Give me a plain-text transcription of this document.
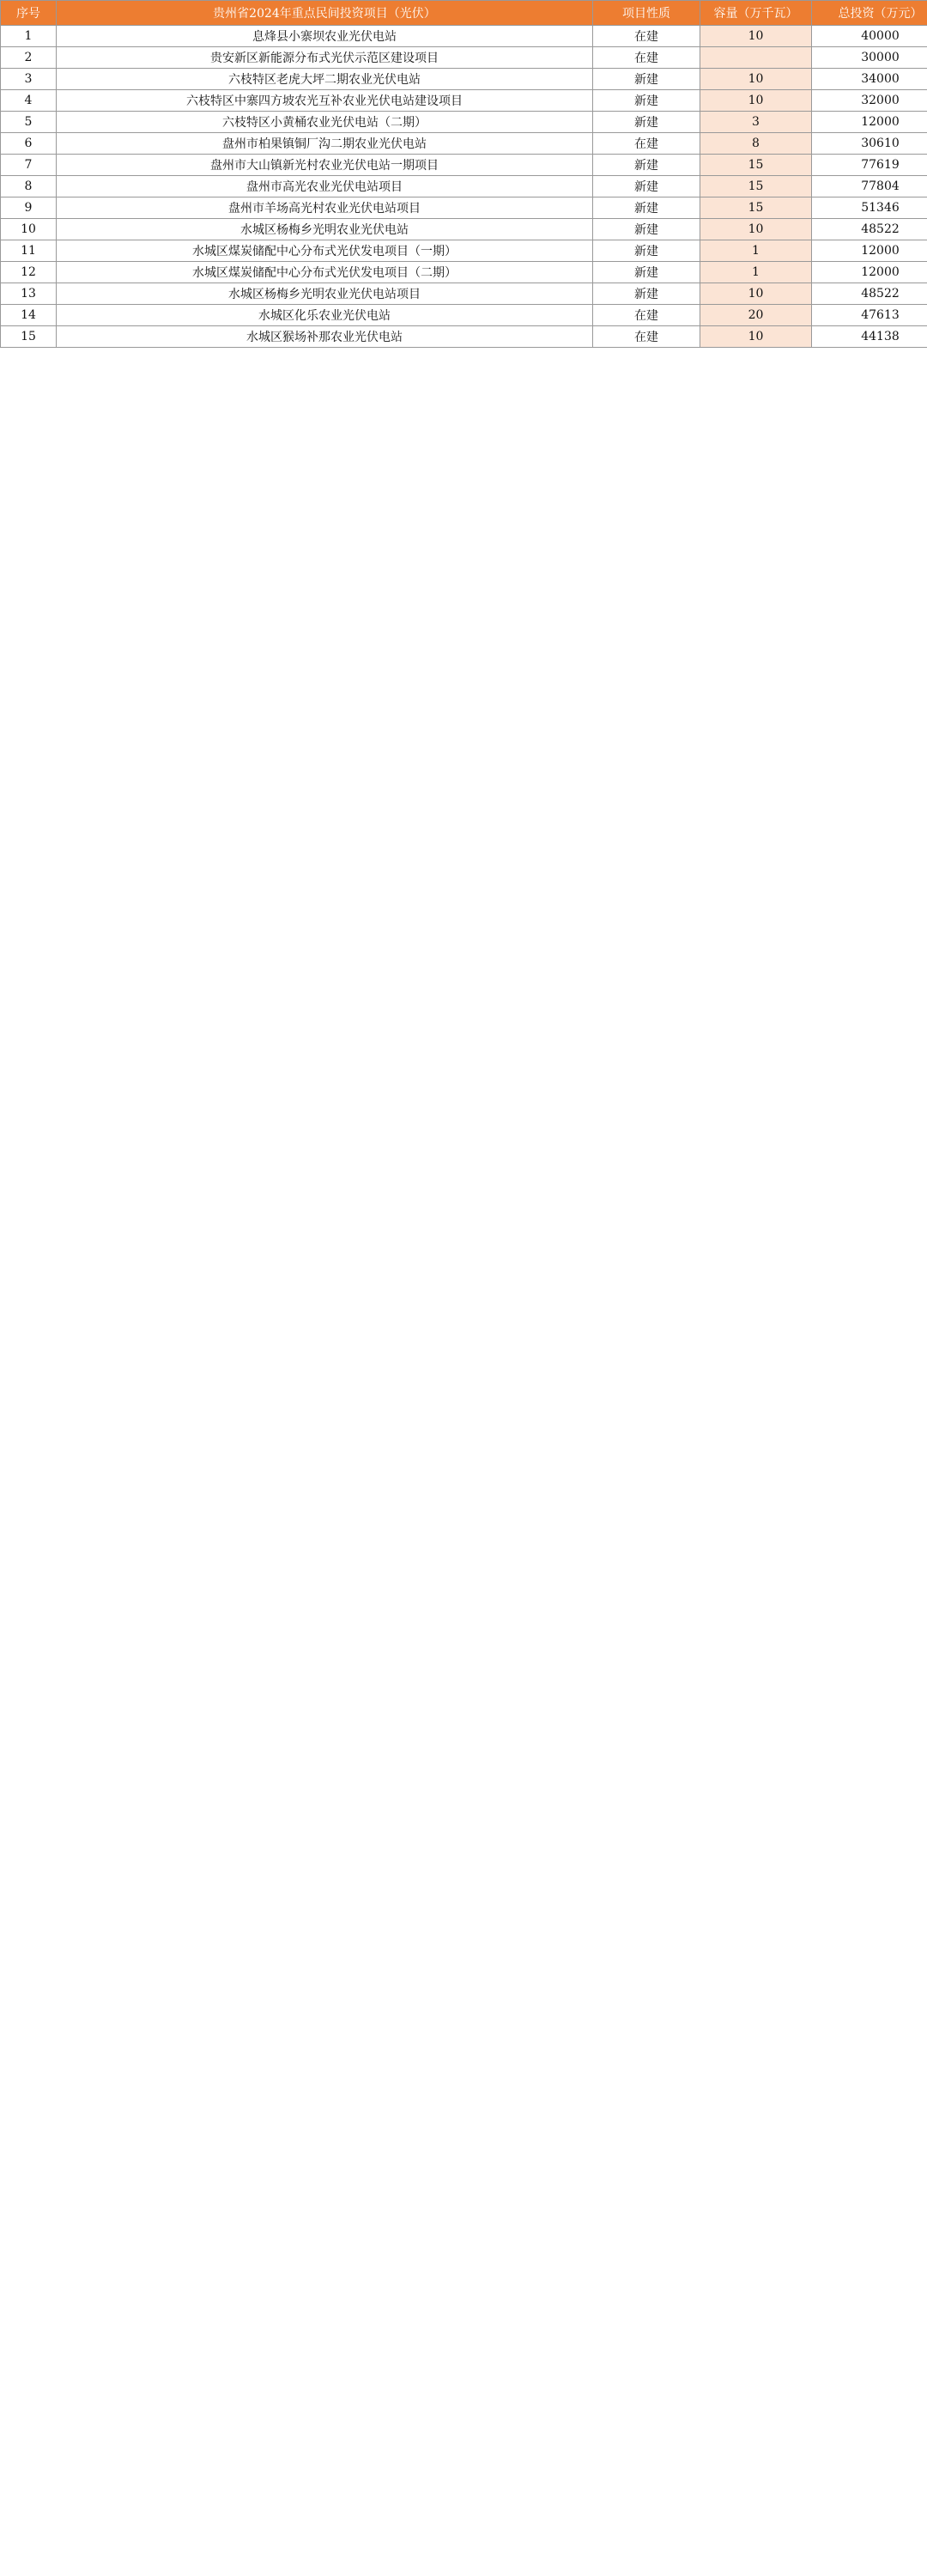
序号	贵州省2024年重点民间投资项目（光伏）	项目性质	容量（万千瓦）	总投资（万元）
1	息烽县小寨坝农业光伏电站	在建	10	40000
2	贵安新区新能源分布式光伏示范区建设项目	在建		30000
3	六枝特区老虎大坪二期农业光伏电站	新建	10	34000
4	六枝特区中寨四方坡农光互补农业光伏电站建设项目	新建	10	32000
5	六枝特区小黄桶农业光伏电站（二期）	新建	3	12000
6	盘州市柏果镇铜厂沟二期农业光伏电站	在建	8	30610
7	盘州市大山镇新光村农业光伏电站一期项目	新建	15	77619
8	盘州市高光农业光伏电站项目	新建	15	77804
9	盘州市羊场高光村农业光伏电站项目	新建	15	51346
10	水城区杨梅乡光明农业光伏电站	新建	10	48522
11	水城区煤炭储配中心分布式光伏发电项目（一期）	新建	1	12000
12	水城区煤炭储配中心分布式光伏发电项目（二期）	新建	1	12000
13	水城区杨梅乡光明农业光伏电站项目	新建	10	48522
14	水城区化乐农业光伏电站	在建	20	47613
15	水城区猴场补那农业光伏电站	在建	10	44138
